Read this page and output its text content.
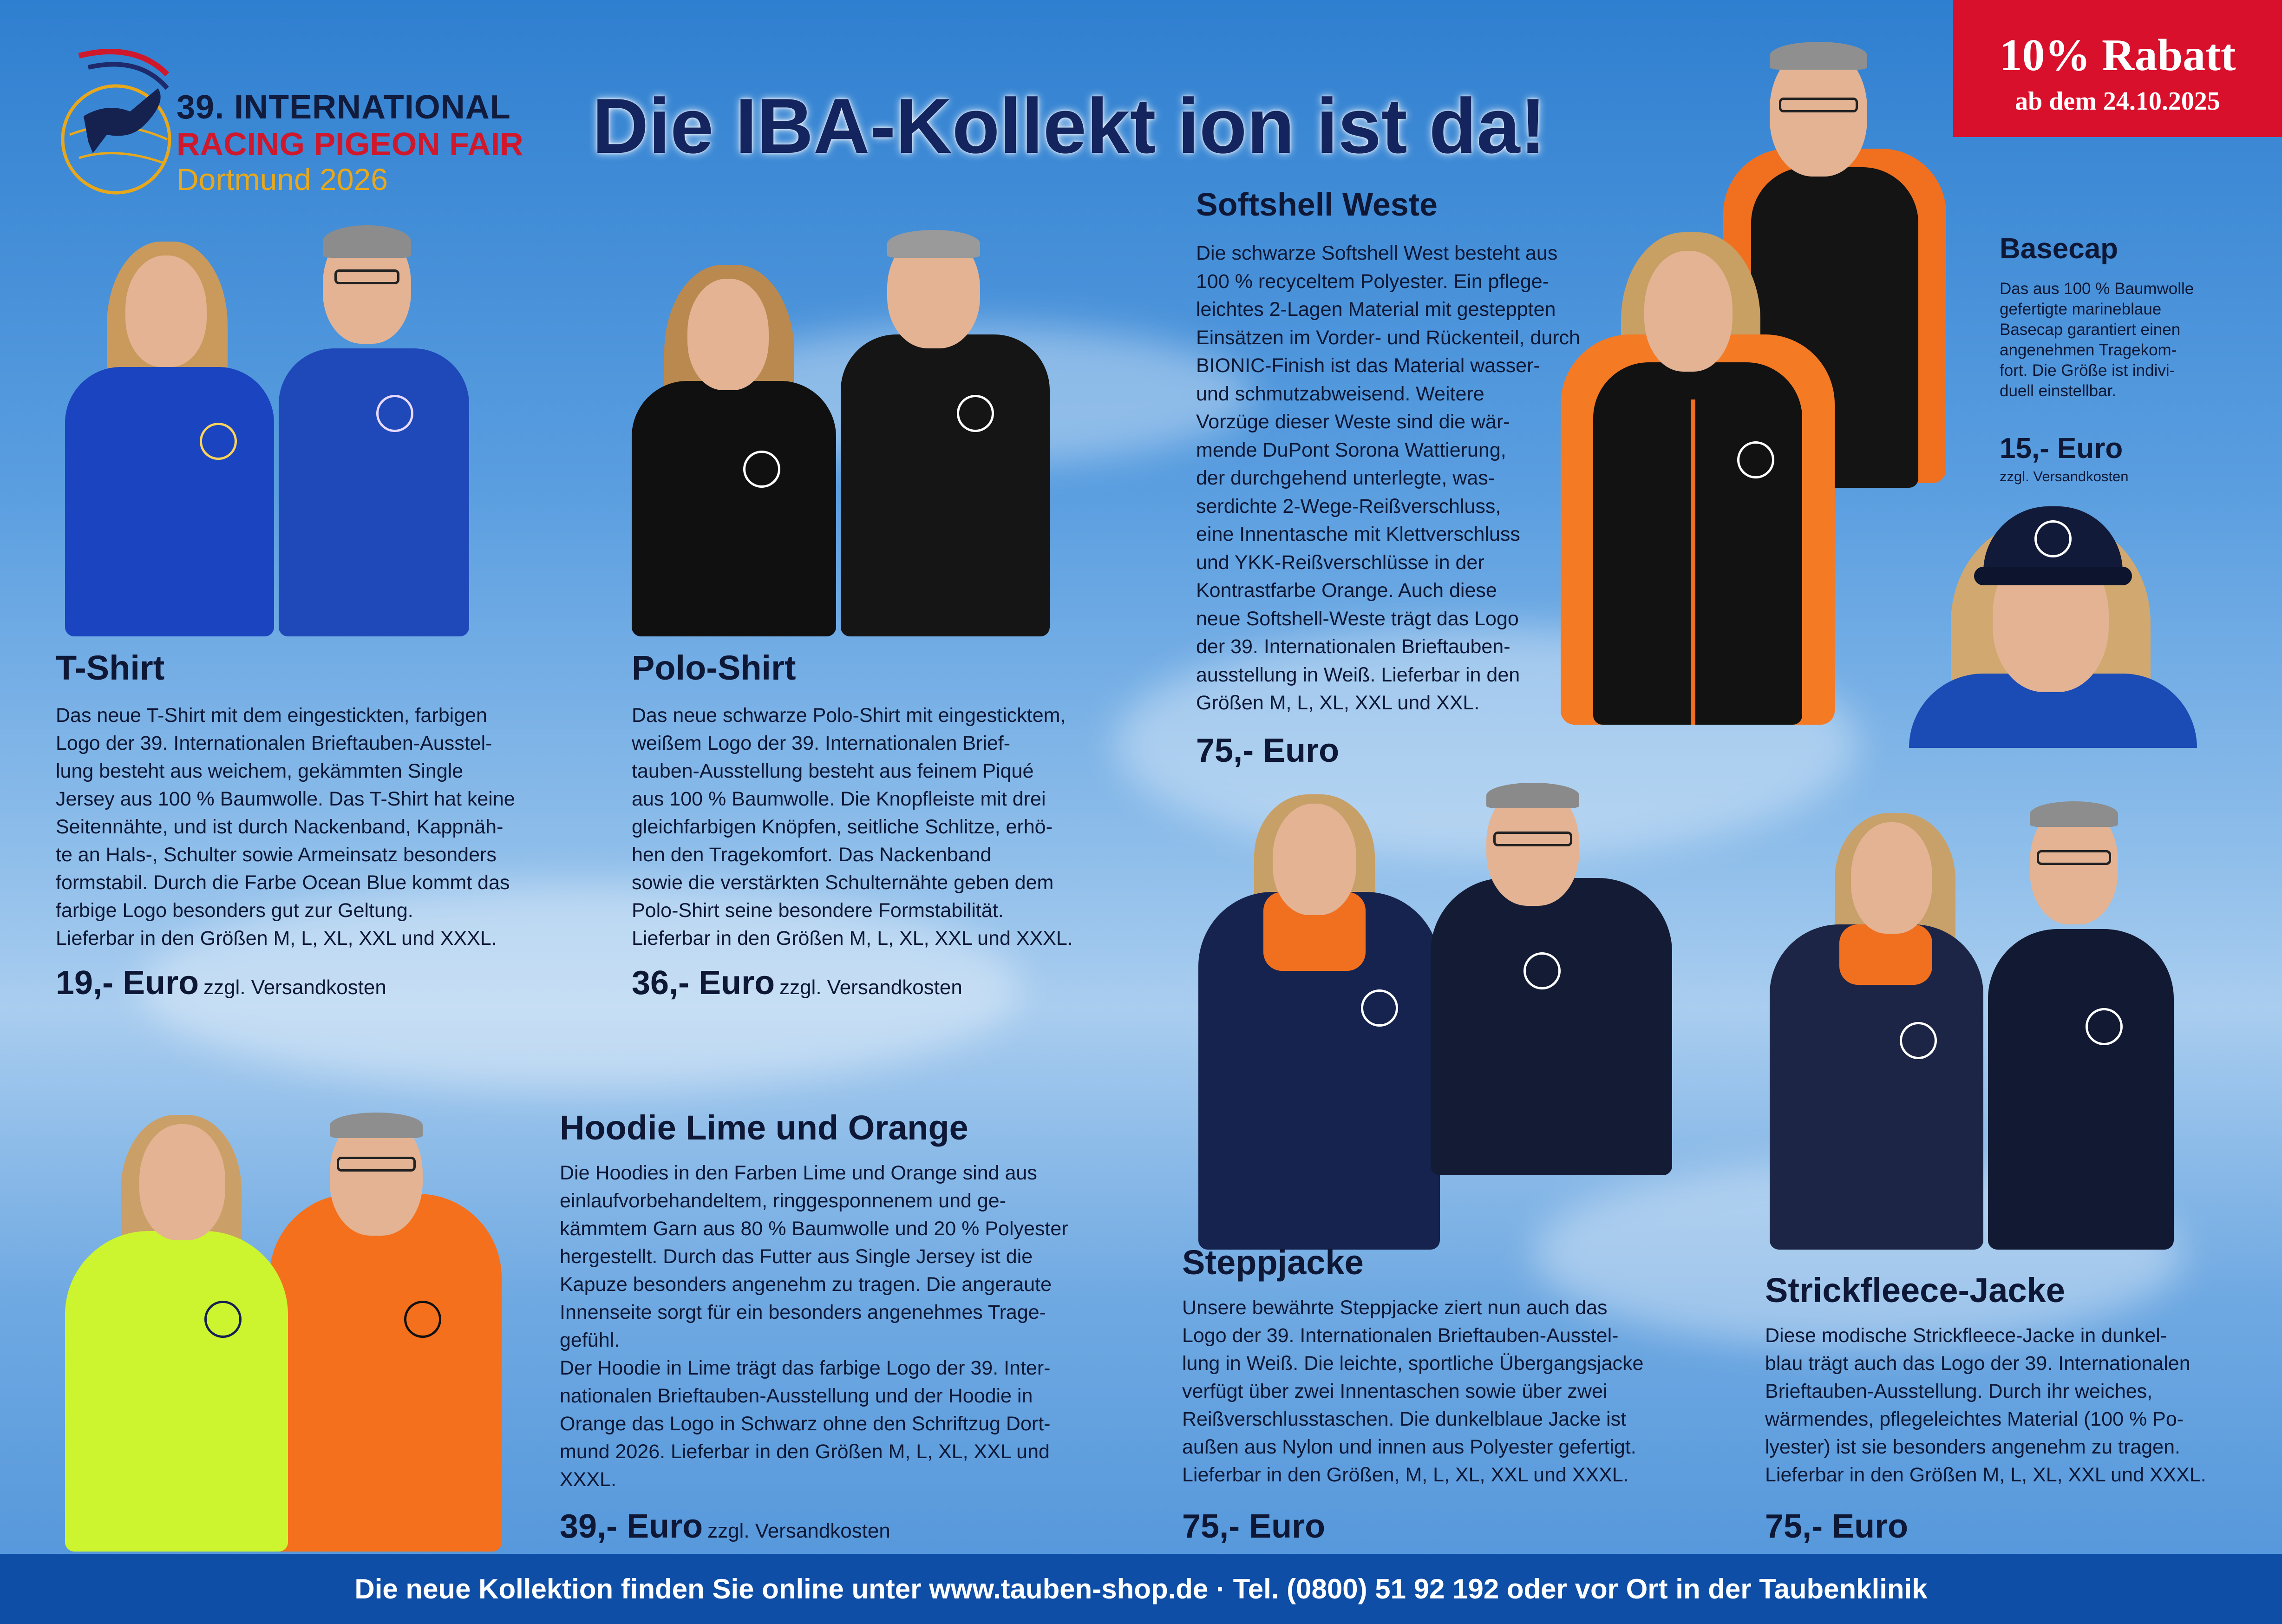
39. INTERNATIONAL
RACING PIGEON FAIR
Dortmund 2026
Die IBA-Kollekt ion ist da!
10% Rabatt
ab dem 24.10.2025
T-Shirt
Das neue T-Shirt mit dem eingestickten, farbigen
Logo der 39. Internationalen Brieftauben-Ausstel-
lung besteht aus weichem, gekämmten Single
Jersey aus 100 % Baumwolle. Das T-Shirt hat keine
Seitennähte, und ist durch Nackenband, Kappnäh-
te an Hals-, Schulter sowie Armeinsatz besonders
formstabil. Durch die Farbe Ocean Blue kommt das
farbige Logo besonders gut zur Geltung.
Lieferbar in den Größen M, L, XL, XXL und XXXL.
19,- Euro zzgl. Versandkosten
Polo-Shirt
Das neue schwarze Polo-Shirt mit eingesticktem,
weißem Logo der 39. Internationalen Brief-
tauben-Ausstellung besteht aus feinem Piqué
aus 100 % Baumwolle. Die Knopfleiste mit drei
gleichfarbigen Knöpfen, seitliche Schlitze, erhö-
hen den Tragekomfort. Das Nackenband
sowie die verstärkten Schulternähte geben dem
Polo-Shirt seine besondere Formstabilität.
Lieferbar in den Größen M, L, XL, XXL und XXXL.
36,- Euro zzgl. Versandkosten
Softshell Weste
Die schwarze Softshell West besteht aus
100 % recyceltem Polyester. Ein pflege-
leichtes 2-Lagen Material mit gesteppten
Einsätzen im Vorder- und Rückenteil, durch
BIONIC-Finish ist das Material wasser-
und schmutzabweisend. Weitere
Vorzüge dieser Weste sind die wär-
mende DuPont Sorona Wattierung,
der durchgehend unterlegte, was-
serdichte 2-Wege-Reißverschluss,
eine Innentasche mit Klettverschluss
und YKK-Reißverschlüsse in der
Kontrastfarbe Orange. Auch diese
neue Softshell-Weste trägt das Logo
der 39. Internationalen Brieftauben-
ausstellung in Weiß. Lieferbar in den
Größen M, L, XL, XXL und XXL.
75,- Euro
Basecap
Das aus 100 % Baumwolle
gefertigte marineblaue
Basecap garantiert einen
angenehmen Tragekom-
fort. Die Größe ist indivi-
duell einstellbar.
15,- Euro
zzgl. Versandkosten
Hoodie Lime und Orange
Die Hoodies in den Farben Lime und Orange sind aus
einlaufvorbehandeltem, ringgesponnenem und ge-
kämmtem Garn aus 80 % Baumwolle und 20 % Polyester
hergestellt. Durch das Futter aus Single Jersey ist die
Kapuze besonders angenehm zu tragen. Die angeraute
Innenseite sorgt für ein besonders angenehmes Trage-
gefühl.
Der Hoodie in Lime trägt das farbige Logo der 39. Inter-
nationalen Brieftauben-Ausstellung und der Hoodie in
Orange das Logo in Schwarz ohne den Schriftzug Dort-
mund 2026. Lieferbar in den Größen M, L, XL, XXL und
XXXL.
39,- Euro zzgl. Versandkosten
Steppjacke
Unsere bewährte Steppjacke ziert nun auch das
Logo der 39. Internationalen Brieftauben-Ausstel-
lung in Weiß. Die leichte, sportliche Übergangsjacke
verfügt über zwei Innentaschen sowie über zwei
Reißverschlusstaschen. Die dunkelblaue Jacke ist
außen aus Nylon und innen aus Polyester gefertigt.
Lieferbar in den Größen, M, L, XL, XXL und XXXL.
75,- Euro
Strickfleece-Jacke
Diese modische Strickfleece-Jacke in dunkel-
blau trägt auch das Logo der 39. Internationalen
Brieftauben-Ausstellung. Durch ihr weiches,
wärmendes, pflegeleichtes Material (100 % Po-
lyester) ist sie besonders angenehm zu tragen.
Lieferbar in den Größen M, L, XL, XXL und XXXL.
75,- Euro
Die neue Kollektion finden Sie online unter www.tauben-shop.de · Tel. (0800) 51 92 192 oder vor Ort in der Taubenklinik
